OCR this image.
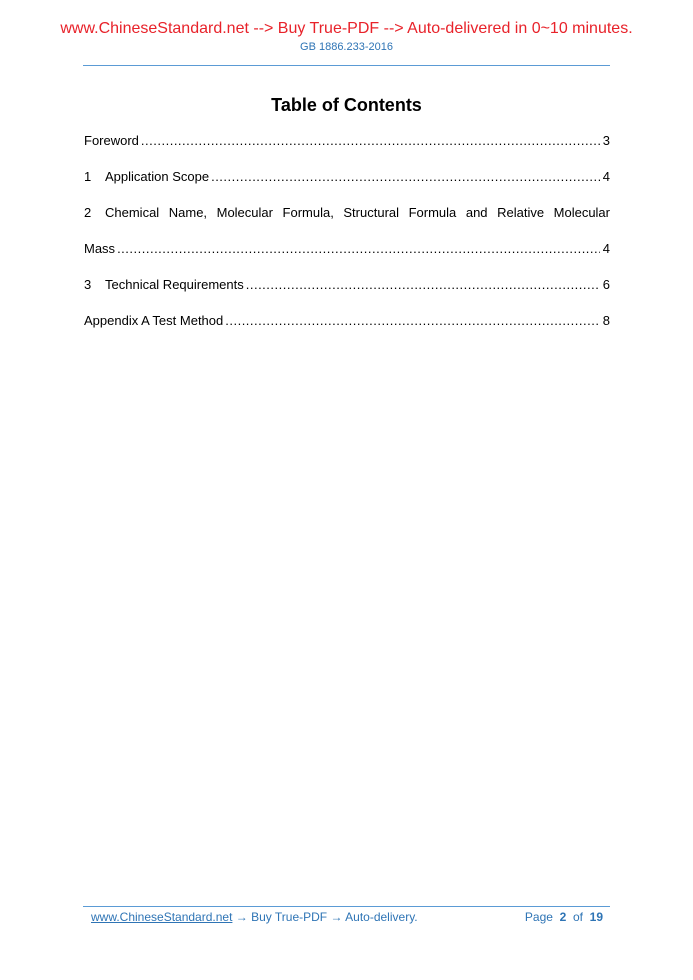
www.ChineseStandard.net --> Buy True-PDF --> Auto-delivered in 0~10 minutes.
GB 1886.233-2016
Table of Contents
Foreword .....	3
1	Application Scope .....	4
2	Chemical Name, Molecular Formula, Structural Formula and Relative Molecular
Mass .....	4
3	Technical Requirements .....	6
Appendix A Test Method .....	8
www.ChineseStandard.net → Buy True-PDF → Auto-delivery.	Page 2 of 19
